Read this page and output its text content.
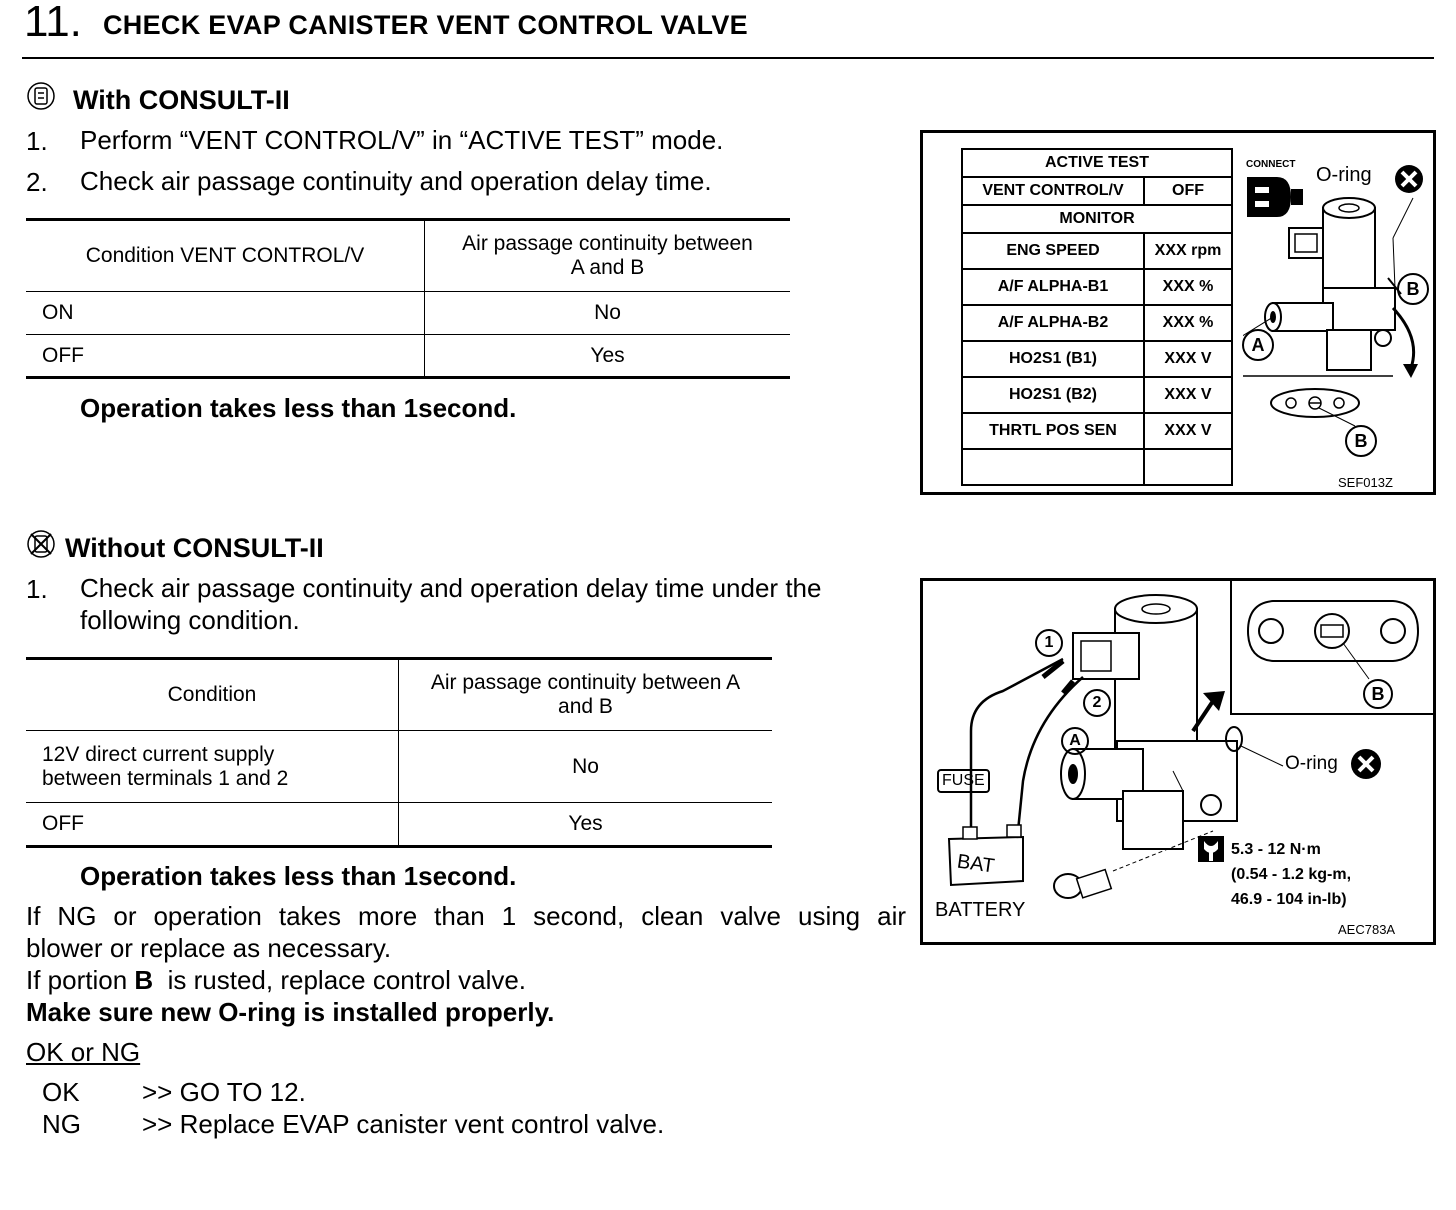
11. CHECK EVAP CANISTER VENT CONTROL VALVE
With CONSULT-II
1. Perform “VENT CONTROL/V” in “ACTIVE TEST” mode.
2. Check air passage continuity and operation delay time.
Condition VENT CONTROL/V	Air passage continuity between
A and B

ON	No
OFF	Yes
Operation takes less than 1second.
ACTIVE TEST	
VENT CONTROL/V	OFF
MONITOR	
ENG SPEED	XXX rpm
A/F ALPHA-B1	XXX %
A/F ALPHA-B2	XXX %
HO2S1 (B1)	XXX V
HO2S1 (B2)	XXX V
THRTL POS SEN	XXX V

CONNECT O-ring
A
B
B
SEF013Z
Without CONSULT-II
1. Check air passage continuity and operation delay time under the
following condition.
Condition	Air passage continuity between A
and B

12V direct current supply
between terminals 1 and 2	No
OFF	Yes
Operation takes less than 1second.
FUSE
BAT
BATTERY
1
2
A
B
O-ring
5.3 - 12 N·m
(0.54 - 1.2 kg-m,
46.9 - 104 in-lb)
AEC783A
If NG or operation takes more than 1 second, clean valve using air
blower or replace as necessary.
If portion B  is rusted, replace control valve.
Make sure new O-ring is installed properly.
OK or NG
OK >> GO TO 12.
NG >> Replace EVAP canister vent control valve.
